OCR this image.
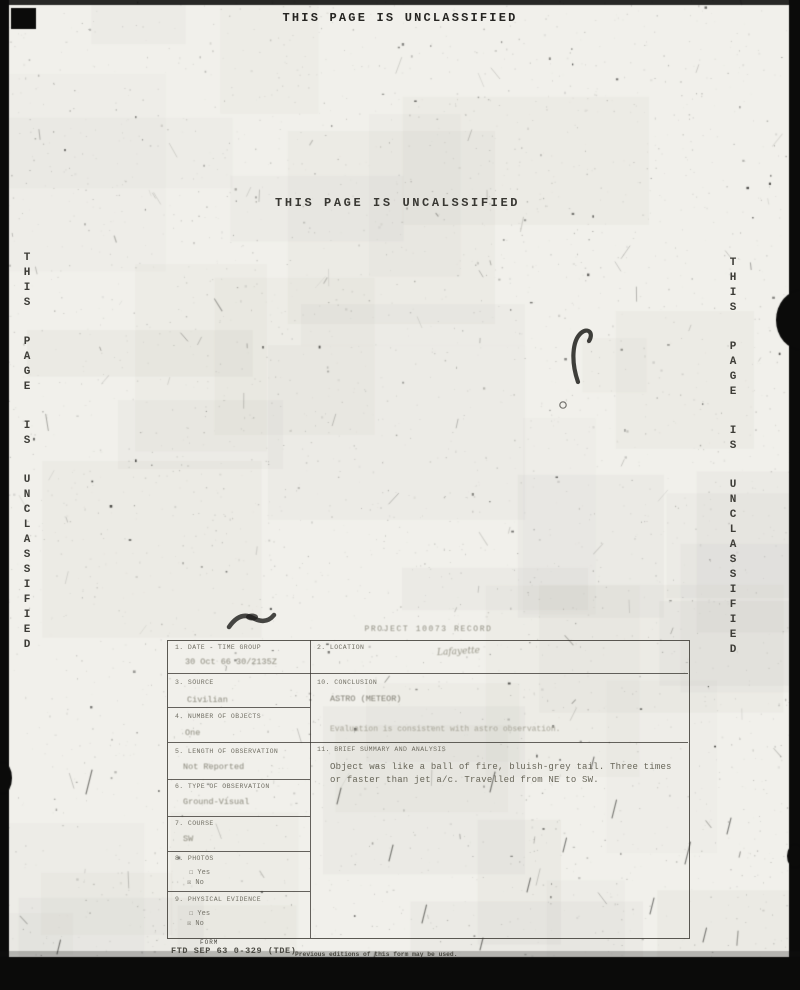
THIS PAGE IS UNCLASSIFIED
THIS PAGE IS UNCALSSIFIED
THIS PAGE IS UNCLASSIFIED	THIS PAGE IS UNCLASSIFIED
PROJECT 10073 RECORD
1. DATE - TIME GROUP
30 Oct 66 30/2135Z
2. LOCATION	Lafayette
3. SOURCE
Civilian
10. CONCLUSION
ASTRO (METEOR)
Evaluation is consistent with astro observation.
4. NUMBER OF OBJECTS
One
5. LENGTH OF OBSERVATION
Not Reported
11. BRIEF SUMMARY AND ANALYSIS
Object was like a ball of fire, bluish-grey tail. Three times
or faster than jet a/c. Travelled from NE to SW.
6. TYPE OF OBSERVATION
Ground-Visual
7. COURSE
SW
8. PHOTOS
☐ Yes
☒ No
9. PHYSICAL EVIDENCE
☐ Yes
☒ No
FORM
FTD SEP 63 0-329 (TDE)
Previous editions of this form may be used.
